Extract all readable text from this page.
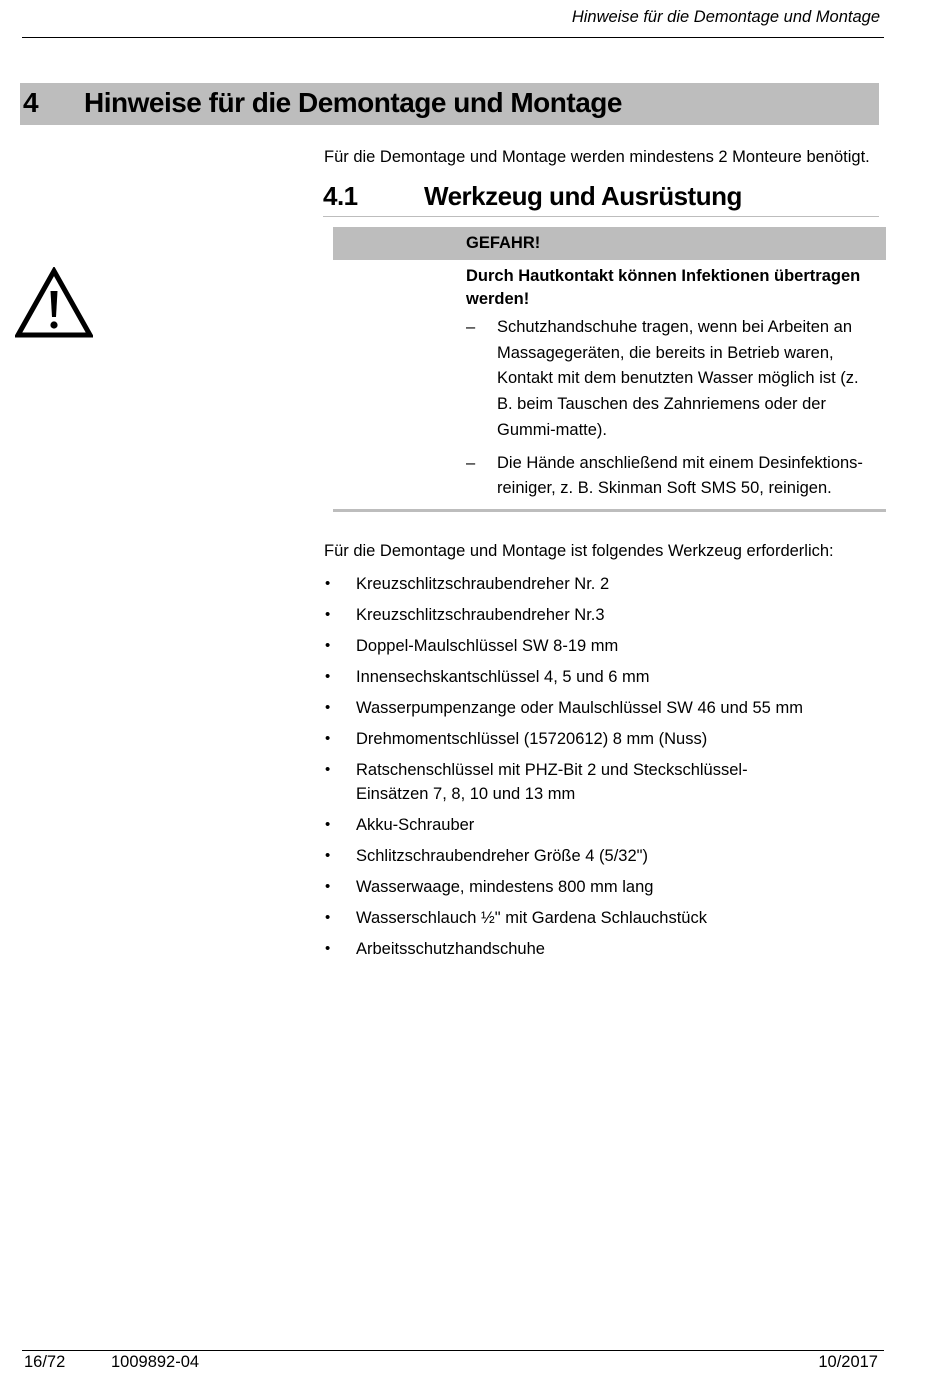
Hinweise für die Demontage und Montage
4 Hinweise für die Demontage und Montage
Für die Demontage und Montage werden mindestens 2 Monteure benötigt.
4.1	Werkzeug und Ausrüstung
GEFAHR!
Durch Hautkontakt können Infektionen übertragen werden!
– Schutzhandschuhe tragen, wenn bei Arbeiten an Massagegeräten, die bereits in Betrieb waren, Kontakt mit dem benutzten Wasser möglich ist (z. B. beim Tauschen des Zahnriemens oder der Gummi-matte).
– Die Hände anschließend mit einem Desinfektions-reiniger, z. B. Skinman Soft SMS 50, reinigen.
Für die Demontage und Montage ist folgendes Werkzeug erforderlich:
• Kreuzschlitzschraubendreher Nr. 2
• Kreuzschlitzschraubendreher Nr.3
• Doppel-Maulschlüssel SW 8-19 mm
• Innensechskantschlüssel 4, 5 und 6 mm
• Wasserpumpenzange oder Maulschlüssel SW 46 und 55 mm
• Drehmomentschlüssel (15720612) 8 mm (Nuss)
• Ratschenschlüssel mit PHZ-Bit 2 und Steckschlüssel-Einsätzen 7, 8, 10 und 13 mm
• Akku-Schrauber
• Schlitzschraubendreher Größe 4 (5/32")
• Wasserwaage, mindestens 800 mm lang
• Wasserschlauch ½" mit Gardena Schlauchstück
• Arbeitsschutzhandschuhe
16/72	1009892-04	10/2017
